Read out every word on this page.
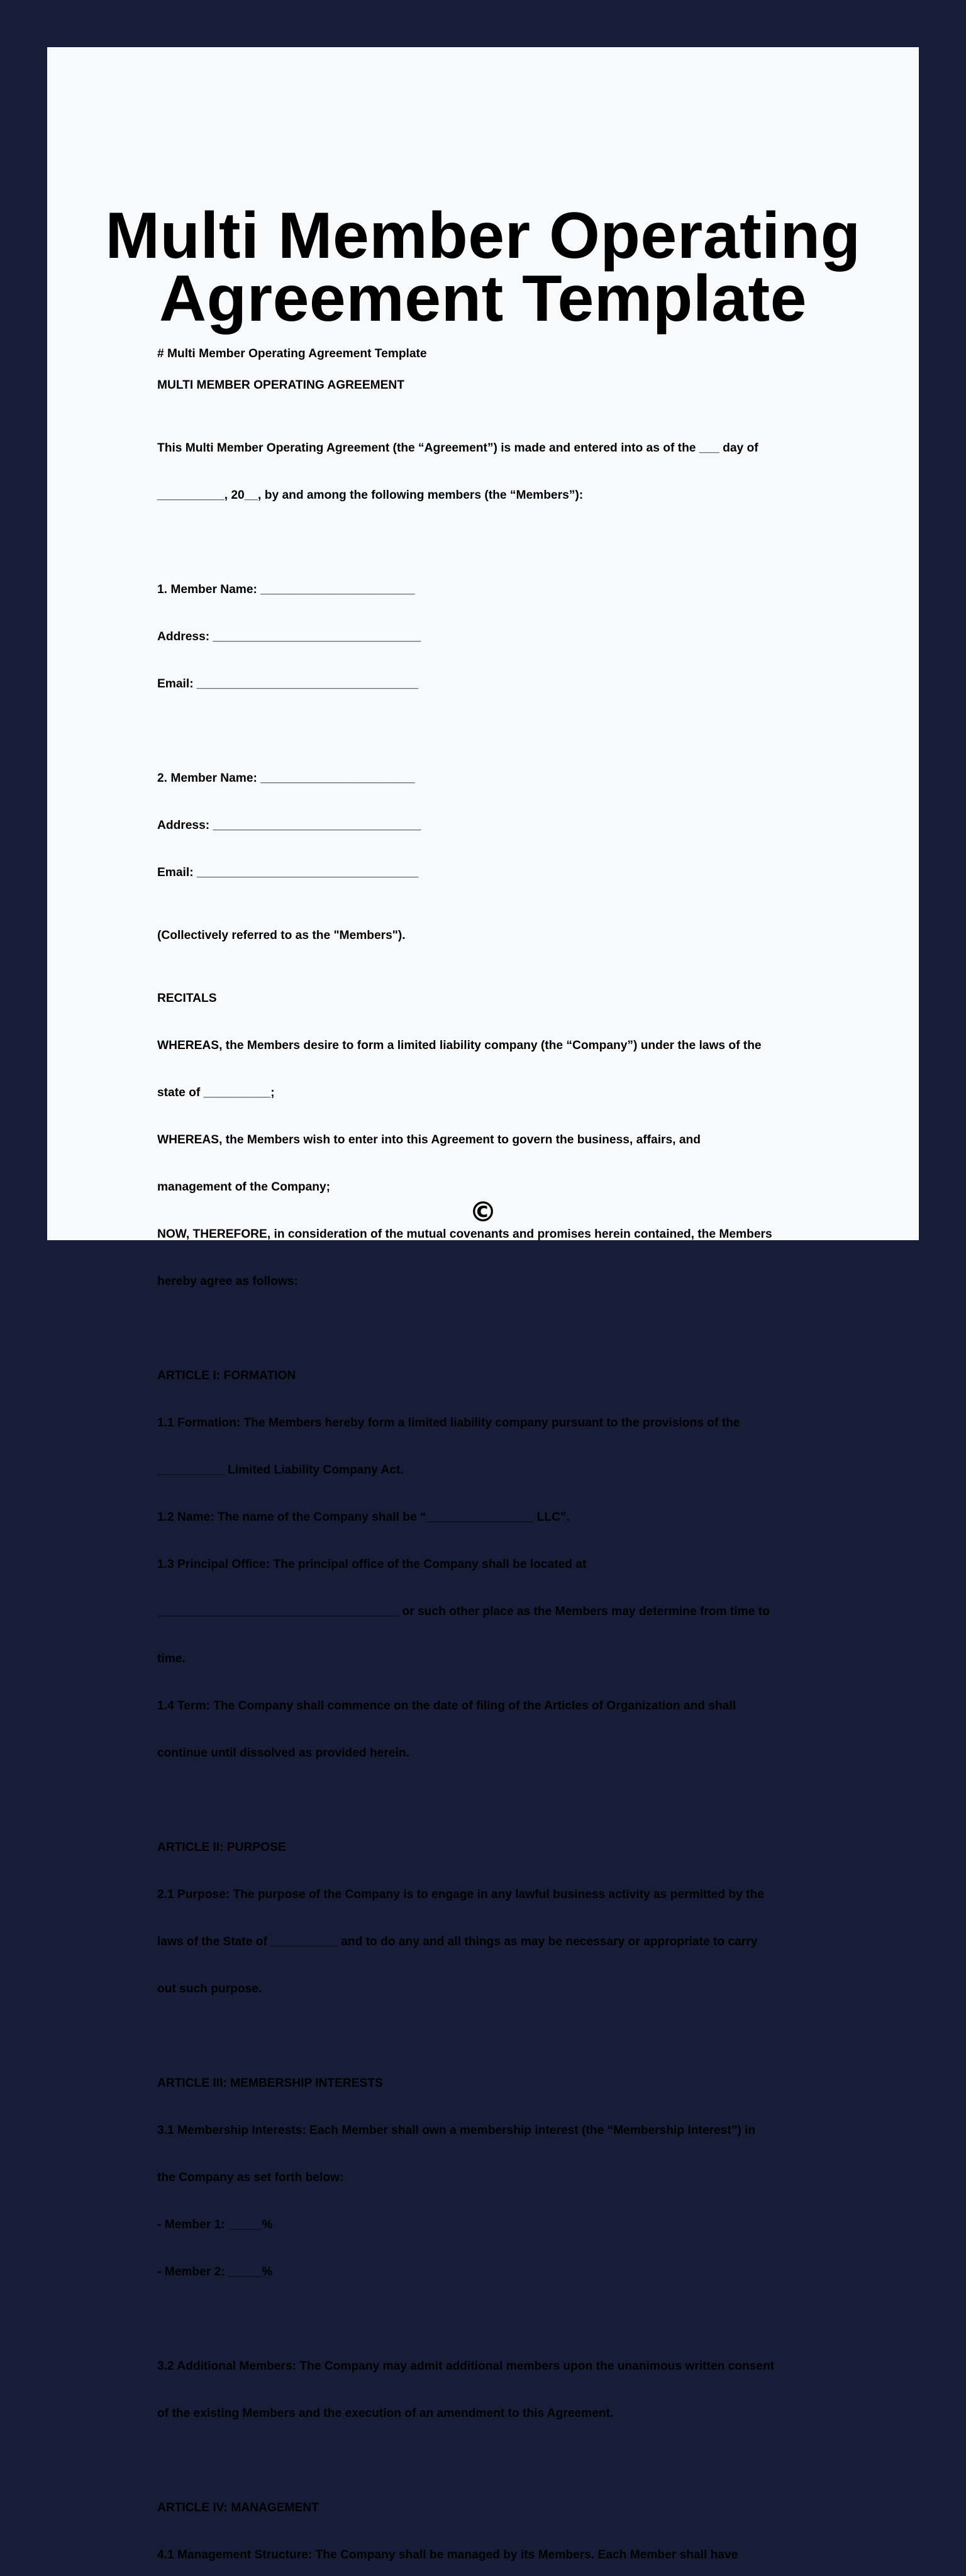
Multi Member Operating
Agreement Template

# Multi Member Operating Agreement Template

MULTI MEMBER OPERATING AGREEMENT

This Multi Member Operating Agreement (the “Agreement”) is made and entered into as of the ___ day of

__________, 20__, by and among the following members (the “Members”):

1. Member Name: _______________________

Address: _______________________________

Email: _________________________________

2. Member Name: _______________________

Address: _______________________________

Email: _________________________________

(Collectively referred to as the "Members").

RECITALS

WHEREAS, the Members desire to form a limited liability company (the “Company”) under the laws of the

state of __________;

WHEREAS, the Members wish to enter into this Agreement to govern the business, affairs, and

management of the Company;

NOW, THEREFORE, in consideration of the mutual covenants and promises herein contained, the Members

hereby agree as follows:

ARTICLE I: FORMATION

1.1 Formation: The Members hereby form a limited liability company pursuant to the provisions of the

__________ Limited Liability Company Act.

1.2 Name: The name of the Company shall be “________________ LLC”.

1.3 Principal Office: The principal office of the Company shall be located at

____________________________________ or such other place as the Members may determine from time to

time.

1.4 Term: The Company shall commence on the date of filing of the Articles of Organization and shall

continue until dissolved as provided herein.

ARTICLE II: PURPOSE

2.1 Purpose: The purpose of the Company is to engage in any lawful business activity as permitted by the

laws of the State of __________ and to do any and all things as may be necessary or appropriate to carry

out such purpose.

ARTICLE III: MEMBERSHIP INTERESTS

3.1 Membership Interests: Each Member shall own a membership interest (the “Membership Interest”) in

the Company as set forth below:

- Member 1: _____%

- Member 2: _____%

3.2 Additional Members: The Company may admit additional members upon the unanimous written consent

of the existing Members and the execution of an amendment to this Agreement.

ARTICLE IV: MANAGEMENT

4.1 Management Structure: The Company shall be managed by its Members. Each Member shall have

©
